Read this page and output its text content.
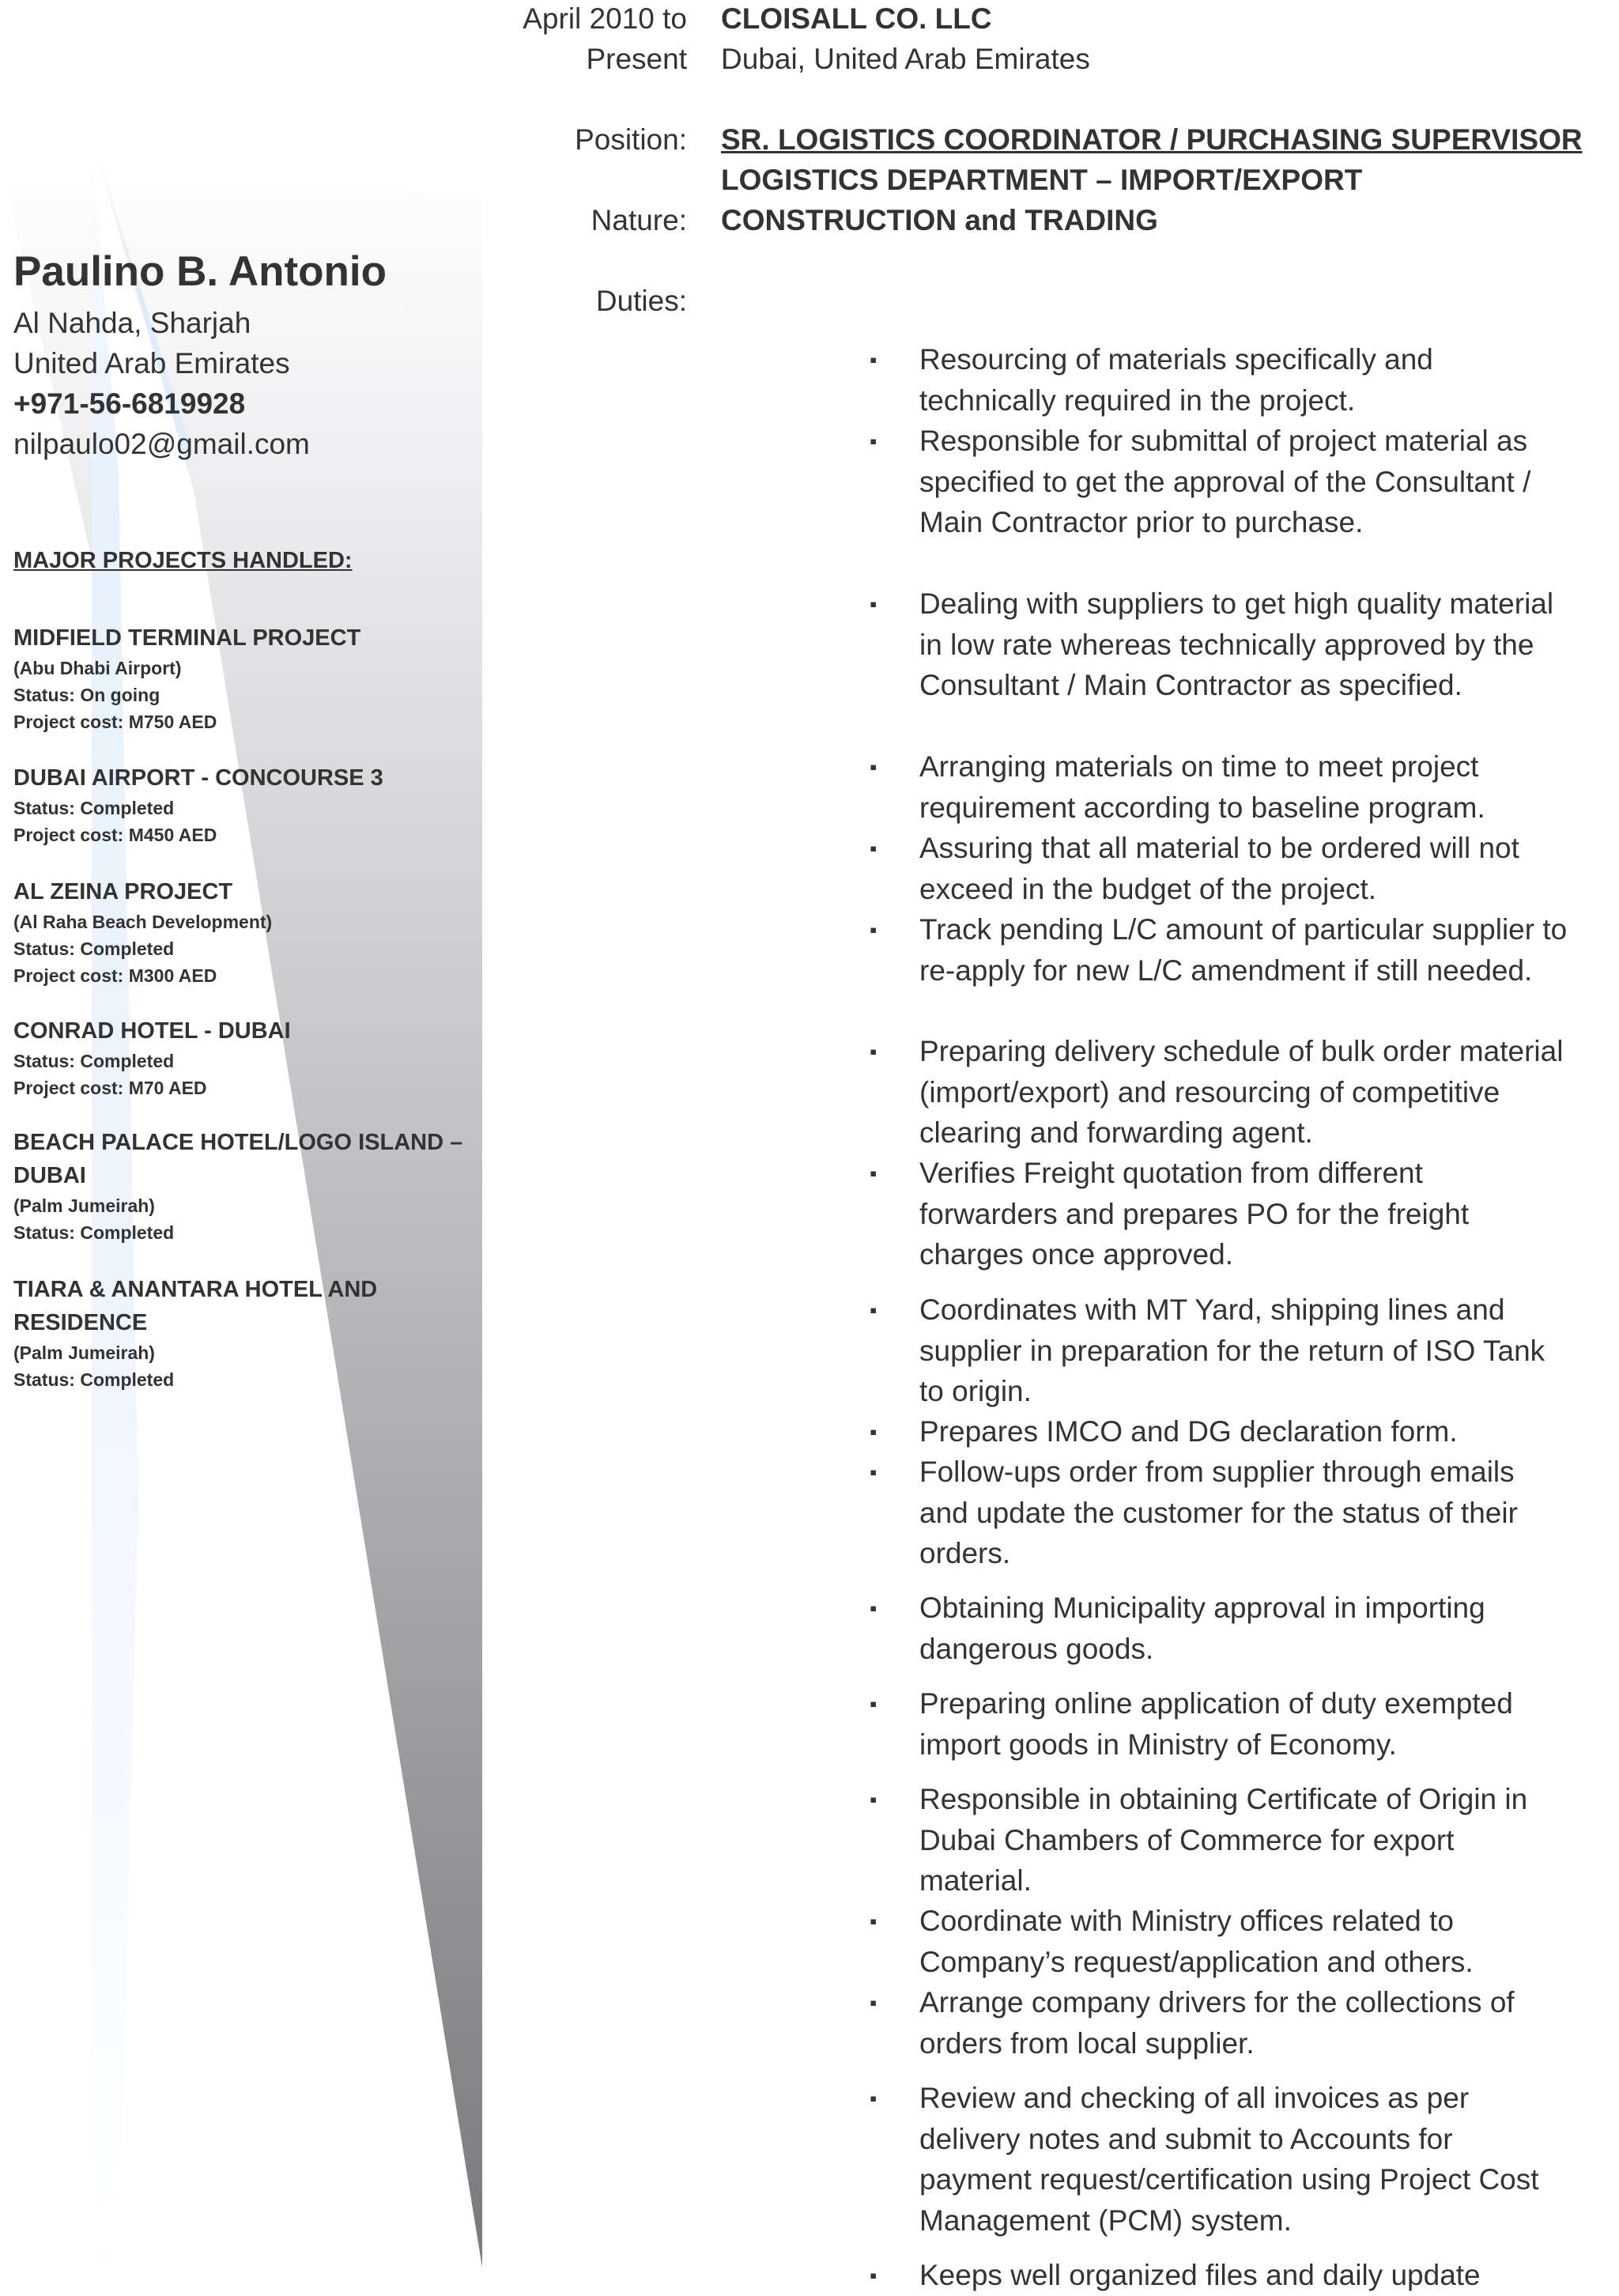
Paulino B. Antonio
Al Nahda, Sharjah
United Arab Emirates
+971-56-6819928
nilpaulo02@gmail.com
MAJOR PROJECTS HANDLED:
MIDFIELD TERMINAL PROJECT
(Abu Dhabi Airport)
Status: On going
Project cost: M750 AED
DUBAI AIRPORT - CONCOURSE 3
Status: Completed
Project cost: M450 AED
AL ZEINA PROJECT
(Al Raha Beach Development)
Status: Completed
Project cost: M300 AED
CONRAD HOTEL - DUBAI
Status: Completed
Project cost: M70 AED
BEACH PALACE HOTEL/LOGO ISLAND – DUBAI
(Palm Jumeirah)
Status: Completed
TIARA & ANANTARA HOTEL AND RESIDENCE
(Palm Jumeirah)
Status: Completed
April 2010 to
Present
CLOISALL CO. LLC
Dubai, United Arab Emirates
Position: SR. LOGISTICS COORDINATOR / PURCHASING SUPERVISOR
LOGISTICS DEPARTMENT – IMPORT/EXPORT
Nature: CONSTRUCTION and TRADING
Duties:
▪ Resourcing of materials specifically and technically required in the project.
▪ Responsible for submittal of project material as specified to get the approval of the Consultant / Main Contractor prior to purchase.
▪ Dealing with suppliers to get high quality material in low rate whereas technically approved by the Consultant / Main Contractor as specified.
▪ Arranging materials on time to meet project requirement according to baseline program.
▪ Assuring that all material to be ordered will not exceed in the budget of the project.
▪ Track pending L/C amount of particular supplier to re-apply for new L/C amendment if still needed.
▪ Preparing delivery schedule of bulk order material (import/export) and resourcing of competitive clearing and forwarding agent.
▪ Verifies Freight quotation from different forwarders and prepares PO for the freight charges once approved.
▪ Coordinates with MT Yard, shipping lines and supplier in preparation for the return of ISO Tank to origin.
▪ Prepares IMCO and DG declaration form.
▪ Follow-ups order from supplier through emails and update the customer for the status of their orders.
▪ Obtaining Municipality approval in importing dangerous goods.
▪ Preparing online application of duty exempted import goods in Ministry of Economy.
▪ Responsible in obtaining Certificate of Origin in Dubai Chambers of Commerce for export material.
▪ Coordinate with Ministry offices related to Company’s request/application and others.
▪ Arrange company drivers for the collections of orders from local supplier.
▪ Review and checking of all invoices as per delivery notes and submit to Accounts for payment request/certification using Project Cost Management (PCM) system.
▪ Keeps well organized files and daily update
